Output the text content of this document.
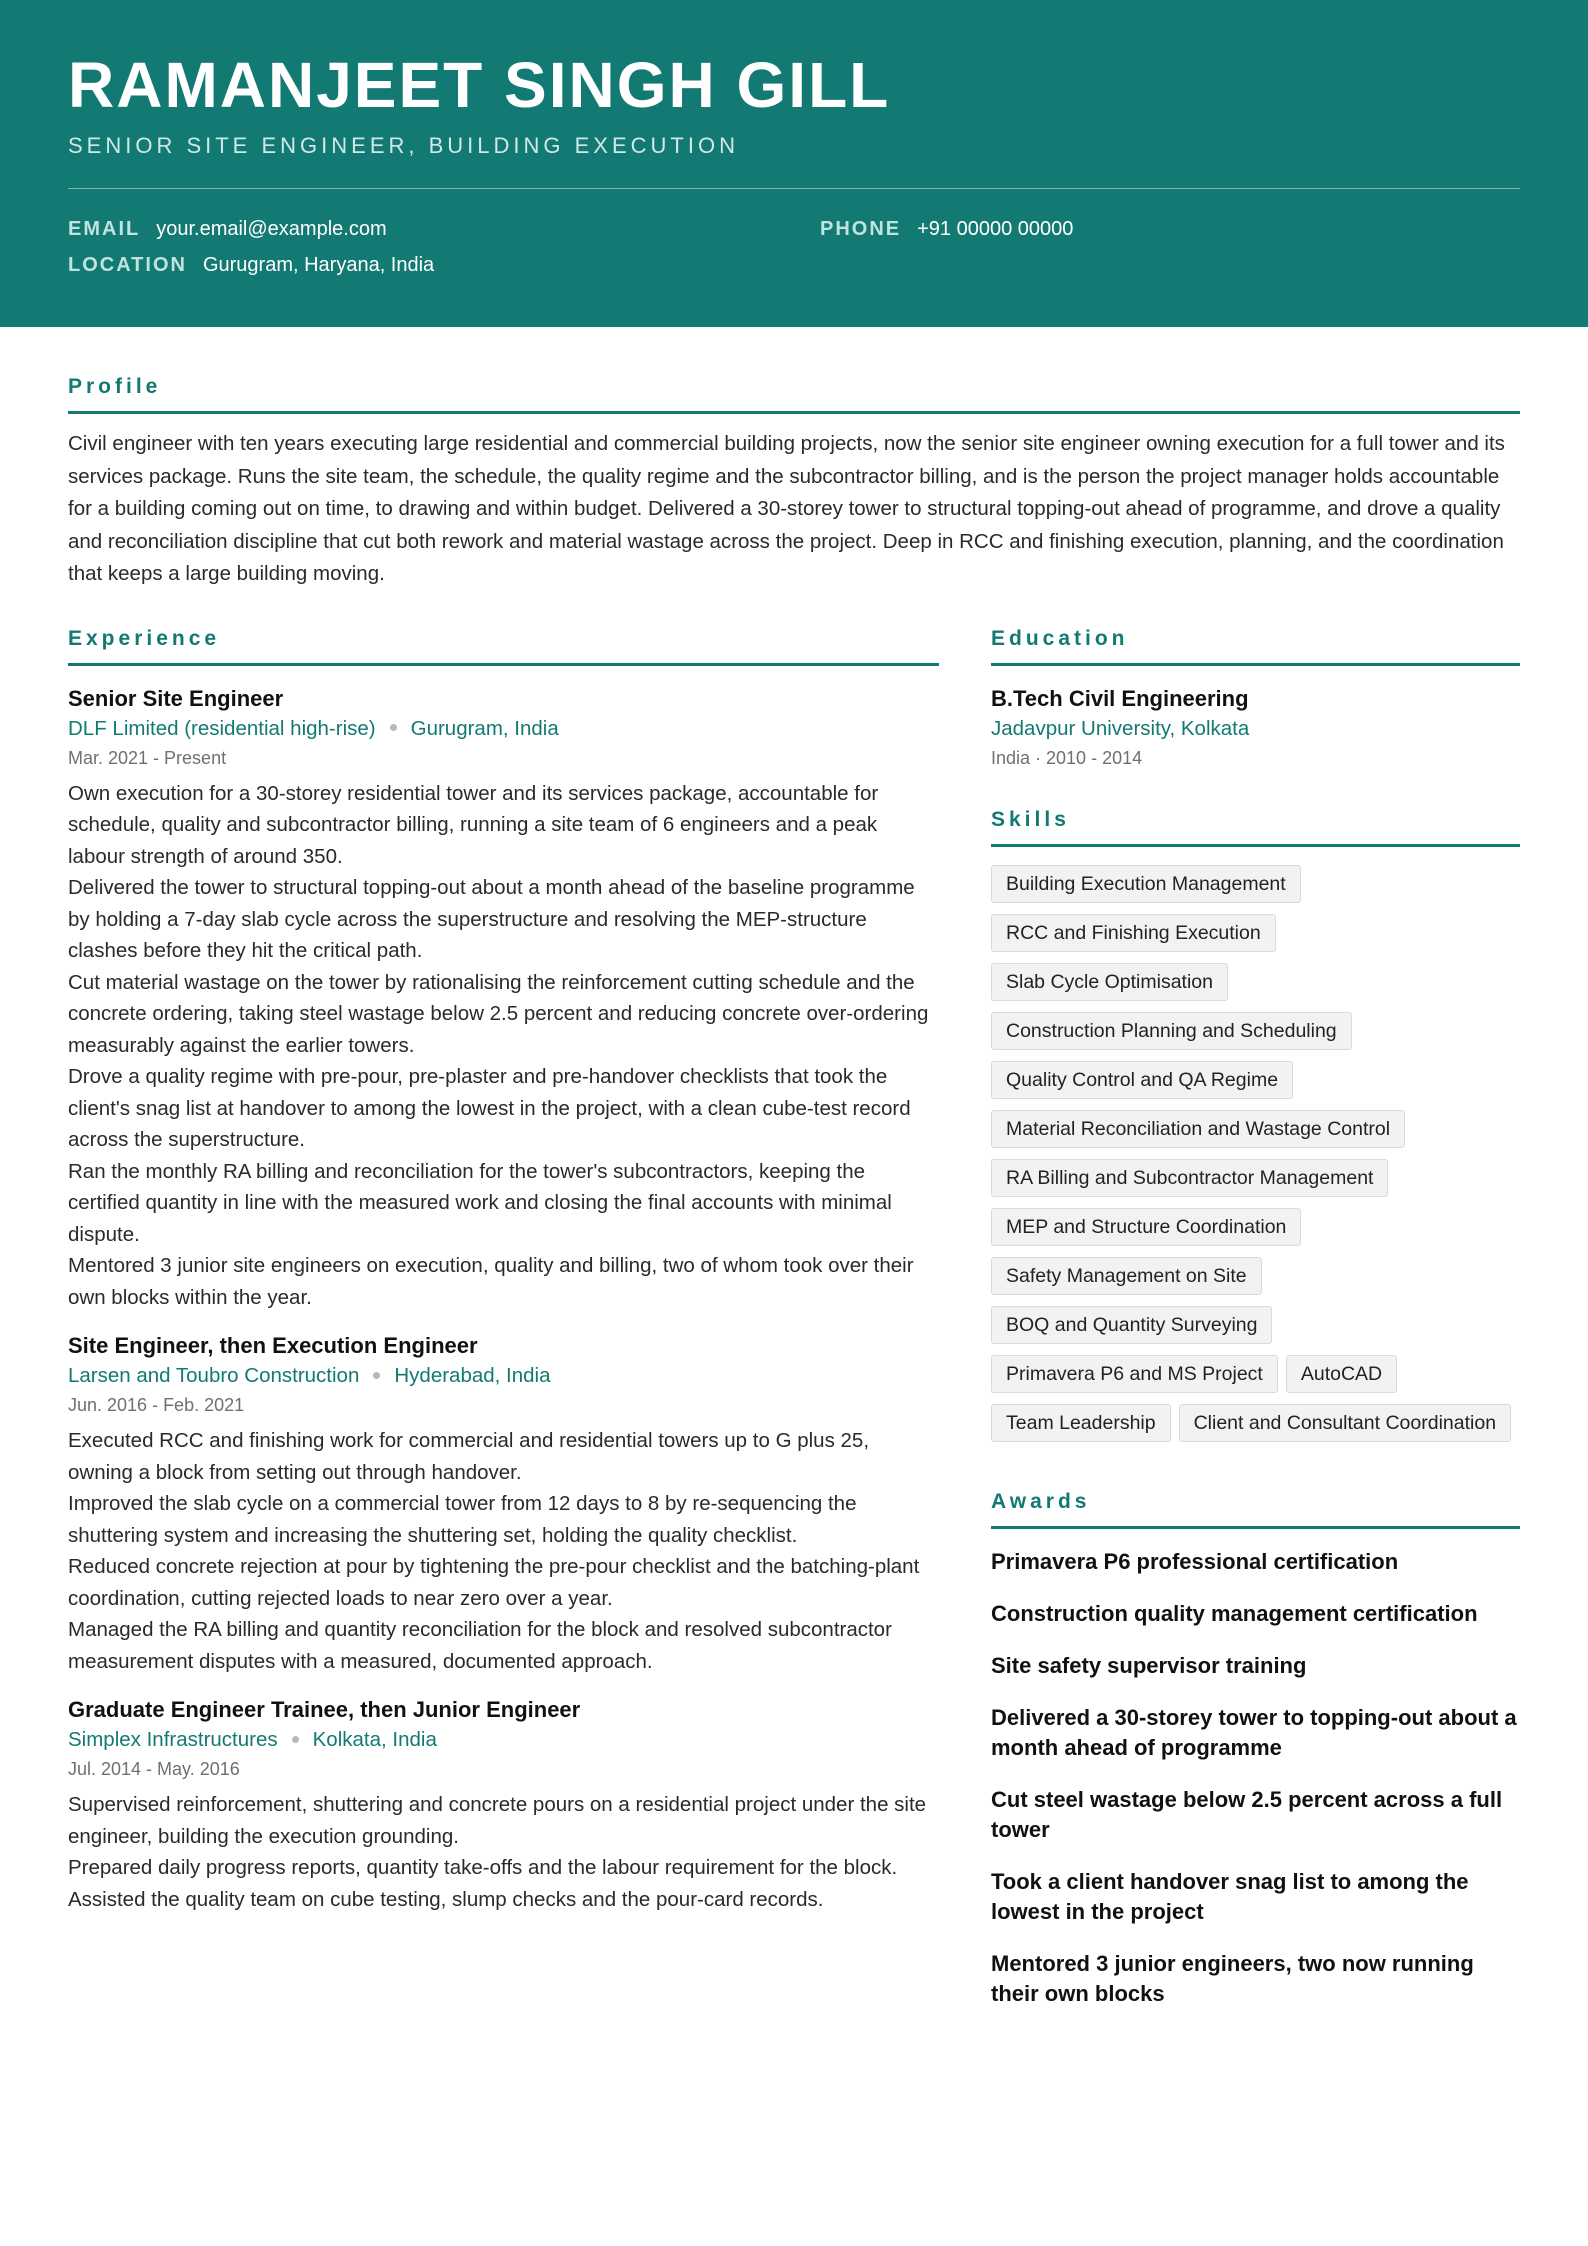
RAMANJEET SINGH GILL
SENIOR SITE ENGINEER, BUILDING EXECUTION
EMAIL your.email@example.com	PHONE +91 00000 00000
LOCATION Gurugram, Haryana, India
Profile

Civil engineer with ten years executing large residential and commercial building projects, now the senior site engineer owning execution for a full tower and its services package. Runs the site team, the schedule, the quality regime and the subcontractor billing, and is the person the project manager holds accountable for a building coming out on time, to drawing and within budget. Delivered a 30-storey tower to structural topping-out ahead of programme, and drove a quality and reconciliation discipline that cut both rework and material wastage across the project. Deep in RCC and finishing execution, planning, and the coordination that keeps a large building moving.

Experience
Senior Site Engineer
DLF Limited (residential high-rise) Gurugram, India
Mar. 2021 - Present
Own execution for a 30-storey residential tower and its services package, accountable for schedule, quality and subcontractor billing, running a site team of 6 engineers and a peak labour strength of around 350.
Delivered the tower to structural topping-out about a month ahead of the baseline programme by holding a 7-day slab cycle across the superstructure and resolving the MEP-structure clashes before they hit the critical path.
Cut material wastage on the tower by rationalising the reinforcement cutting schedule and the concrete ordering, taking steel wastage below 2.5 percent and reducing concrete over-ordering measurably against the earlier towers.
Drove a quality regime with pre-pour, pre-plaster and pre-handover checklists that took the client's snag list at handover to among the lowest in the project, with a clean cube-test record across the superstructure.
Ran the monthly RA billing and reconciliation for the tower's subcontractors, keeping the certified quantity in line with the measured work and closing the final accounts with minimal dispute.
Mentored 3 junior site engineers on execution, quality and billing, two of whom took over their own blocks within the year.
Site Engineer, then Execution Engineer
Larsen and Toubro Construction Hyderabad, India
Jun. 2016 - Feb. 2021
Executed RCC and finishing work for commercial and residential towers up to G plus 25, owning a block from setting out through handover.
Improved the slab cycle on a commercial tower from 12 days to 8 by re-sequencing the shuttering system and increasing the shuttering set, holding the quality checklist.
Reduced concrete rejection at pour by tightening the pre-pour checklist and the batching-plant coordination, cutting rejected loads to near zero over a year.
Managed the RA billing and quantity reconciliation for the block and resolved subcontractor measurement disputes with a measured, documented approach.
Graduate Engineer Trainee, then Junior Engineer
Simplex Infrastructures Kolkata, India
Jul. 2014 - May. 2016
Supervised reinforcement, shuttering and concrete pours on a residential project under the site engineer, building the execution grounding.
Prepared daily progress reports, quantity take-offs and the labour requirement for the block.
Assisted the quality team on cube testing, slump checks and the pour-card records.
Education
B.Tech Civil Engineering
Jadavpur University, Kolkata
India · 2010 - 2014
Skills
Building Execution Management
RCC and Finishing Execution
Slab Cycle Optimisation
Construction Planning and Scheduling
Quality Control and QA Regime
Material Reconciliation and Wastage Control
RA Billing and Subcontractor Management
MEP and Structure Coordination
Safety Management on Site
BOQ and Quantity Surveying
Primavera P6 and MS Project	AutoCAD
Team Leadership	Client and Consultant Coordination
Awards
Primavera P6 professional certification
Construction quality management certification
Site safety supervisor training
Delivered a 30-storey tower to topping-out about a month ahead of programme
Cut steel wastage below 2.5 percent across a full tower
Took a client handover snag list to among the lowest in the project
Mentored 3 junior engineers, two now running their own blocks
